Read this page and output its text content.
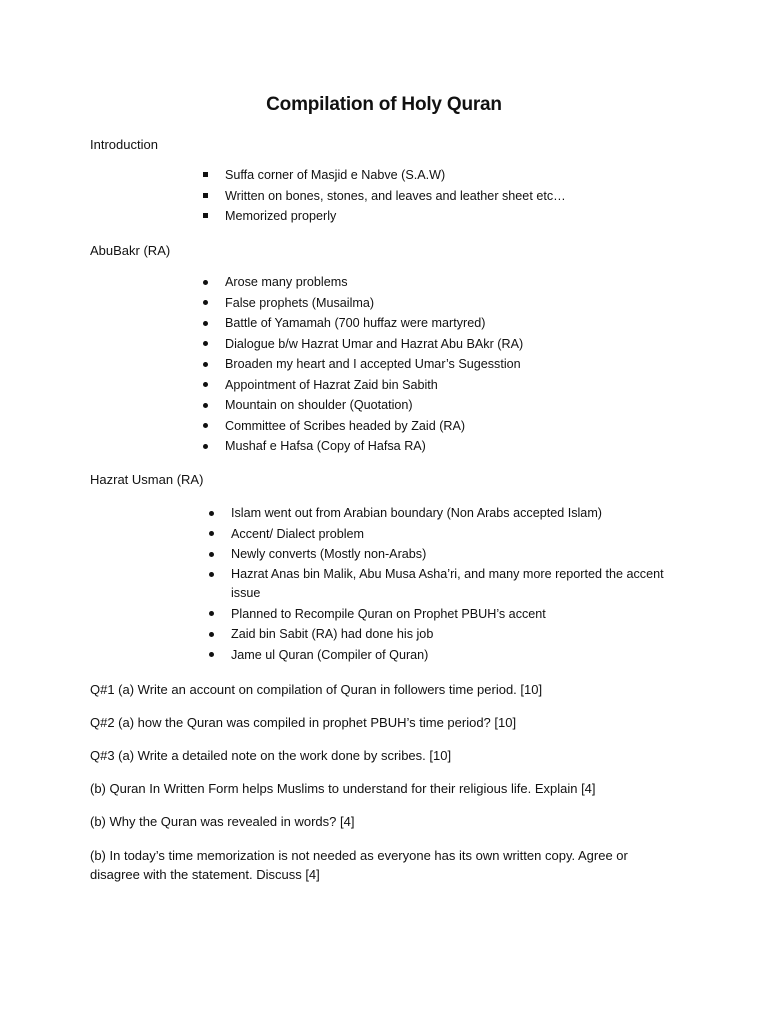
Compilation of Holy Quran
Introduction
Suffa corner of Masjid e Nabve (S.A.W)
Written on bones, stones, and leaves and leather sheet etc…
Memorized properly
AbuBakr (RA)
Arose many problems
False prophets (Musailma)
Battle of Yamamah (700 huffaz were martyred)
Dialogue b/w Hazrat Umar and Hazrat Abu BAkr (RA)
Broaden my heart and I accepted Umar’s Sugesstion
Appointment of Hazrat Zaid bin Sabith
Mountain on shoulder (Quotation)
Committee of Scribes headed by Zaid (RA)
Mushaf e Hafsa (Copy of Hafsa RA)
Hazrat Usman (RA)
Islam went out from Arabian boundary (Non Arabs accepted Islam)
Accent/ Dialect problem
Newly converts (Mostly non-Arabs)
Hazrat Anas bin Malik, Abu Musa Asha’ri, and many more reported the accent issue
Planned to Recompile Quran on Prophet PBUH’s accent
Zaid bin Sabit (RA) had done his job
Jame ul Quran (Compiler of Quran)
Q#1 (a) Write an account on compilation of Quran in followers time period. [10]
Q#2 (a) how the Quran was compiled in prophet PBUH’s time period? [10]
Q#3 (a) Write a detailed note on the work done by scribes. [10]
(b) Quran In Written Form helps Muslims to understand for their religious life. Explain [4]
(b) Why the Quran was revealed in words? [4]
(b) In today’s time memorization is not needed as everyone has its own written copy. Agree or disagree with the statement. Discuss [4]
